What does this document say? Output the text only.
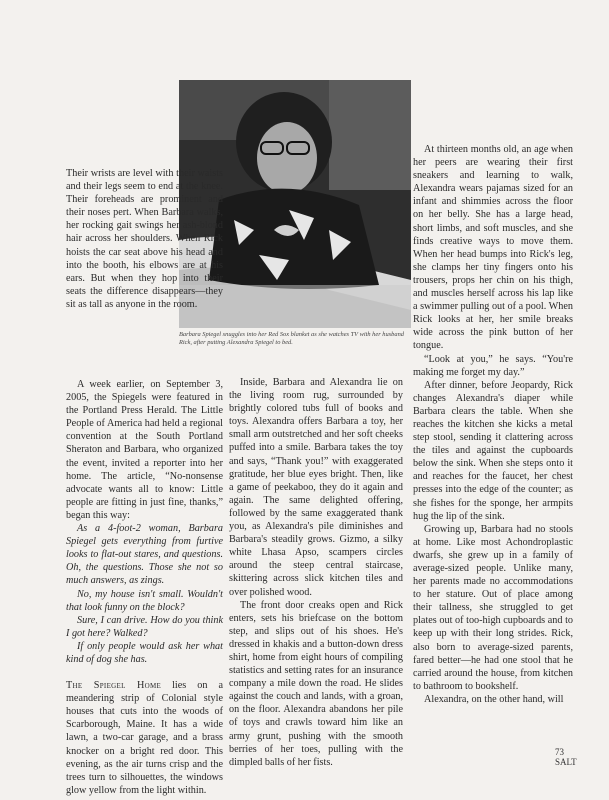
Barbara Spiegel snuggles into her Red Sox blanket as she watches TV with her husband Rick, after putting Alexandra Spiegel to bed.

Their wrists are level with their waists and their legs seem to end at the knee. Their foreheads are prominent and their noses pert. When Barbara walks, her rocking gait swings her ash-blond hair across her shoulders. When Rick hoists the car seat above his head and into the booth, his elbows are at his ears. But when they hop into their seats the difference disappears—they sit as tall as anyone in the room.

A week earlier, on September 3, 2005, the Spiegels were featured in the Portland Press Herald. The Little People of America had held a regional convention at the South Portland Sheraton and Barbara, who organized the event, invited a reporter into her home. The article, “No-nonsense advocate wants all to know: Little people are fitting in just fine, thanks,” began this way:

As a 4-foot-2 woman, Barbara Spiegel gets everything from furtive looks to flat-out stares, and questions. Oh, the questions. Those she not so much answers, as zings.

No, my house isn't small. Wouldn't that look funny on the block?

Sure, I can drive. How do you think I got here? Walked?

If only people would ask her what kind of dog she has.

The Spiegel Home lies on a meandering strip of Colonial style houses that cuts into the woods of Scarborough, Maine. It has a wide lawn, a two-car garage, and a brass knocker on a bright red door. This evening, as the air turns crisp and the trees turn to silhouettes, the windows glow yellow from the light within.

Inside, Barbara and Alexandra lie on the living room rug, surrounded by brightly colored tubs full of books and toys. Alexandra offers Barbara a toy, her small arm outstretched and her soft cheeks puffed into a smile. Barbara takes the toy and says, “Thank you!” with exaggerated gratitude, her blue eyes bright. Then, like a game of peekaboo, they do it again and again. The same delighted offering, followed by the same exaggerated thank you, as Alexandra's pile diminishes and Barbara's steadily grows. Gizmo, a silky white Lhasa Apso, scampers circles around the steep central staircase, skittering across slick kitchen tiles and over polished wood.

The front door creaks open and Rick enters, sets his briefcase on the bottom step, and slips out of his shoes. He's dressed in khakis and a button-down dress shirt, home from eight hours of compiling statistics and setting rates for an insurance company a mile down the road. He slides against the couch and lands, with a groan, on the floor. Alexandra abandons her pile of toys and crawls toward him like an army grunt, pushing with the smooth berries of her toes, pulling with the dimpled balls of her fists.

At thirteen months old, an age when her peers are wearing their first sneakers and learning to walk, Alexandra wears pajamas sized for an infant and shimmies across the floor on her belly. She has a large head, short limbs, and soft muscles, and she finds creative ways to move them. When her head bumps into Rick's leg, she clamps her tiny fingers onto his trousers, props her chin on his thigh, and muscles herself across his lap like a swimmer pulling out of a pool. When Rick looks at her, her smile breaks wide across the pink button of her tongue.

“Look at you,” he says. “You're making me forget my day.”

After dinner, before Jeopardy, Rick changes Alexandra's diaper while Barbara clears the table. When she reaches the kitchen she kicks a metal step stool, sending it clattering across the tiles and against the cupboards below the sink. When she steps onto it and reaches for the faucet, her chest presses into the edge of the counter; as she fishes for the sponge, her armpits hug the lip of the sink.

Growing up, Barbara had no stools at home. Like most Achondroplastic dwarfs, she grew up in a family of average-sized people. Unlike many, her parents made no accommodations to her stature. Out of place among their tallness, she struggled to get plates out of too-high cupboards and to keep up with their long strides. Rick, also born to average-sized parents, fared better—he had one stool that he carried around the house, from kitchen to bathroom to bookshelf.

Alexandra, on the other hand, will

73
SALT
